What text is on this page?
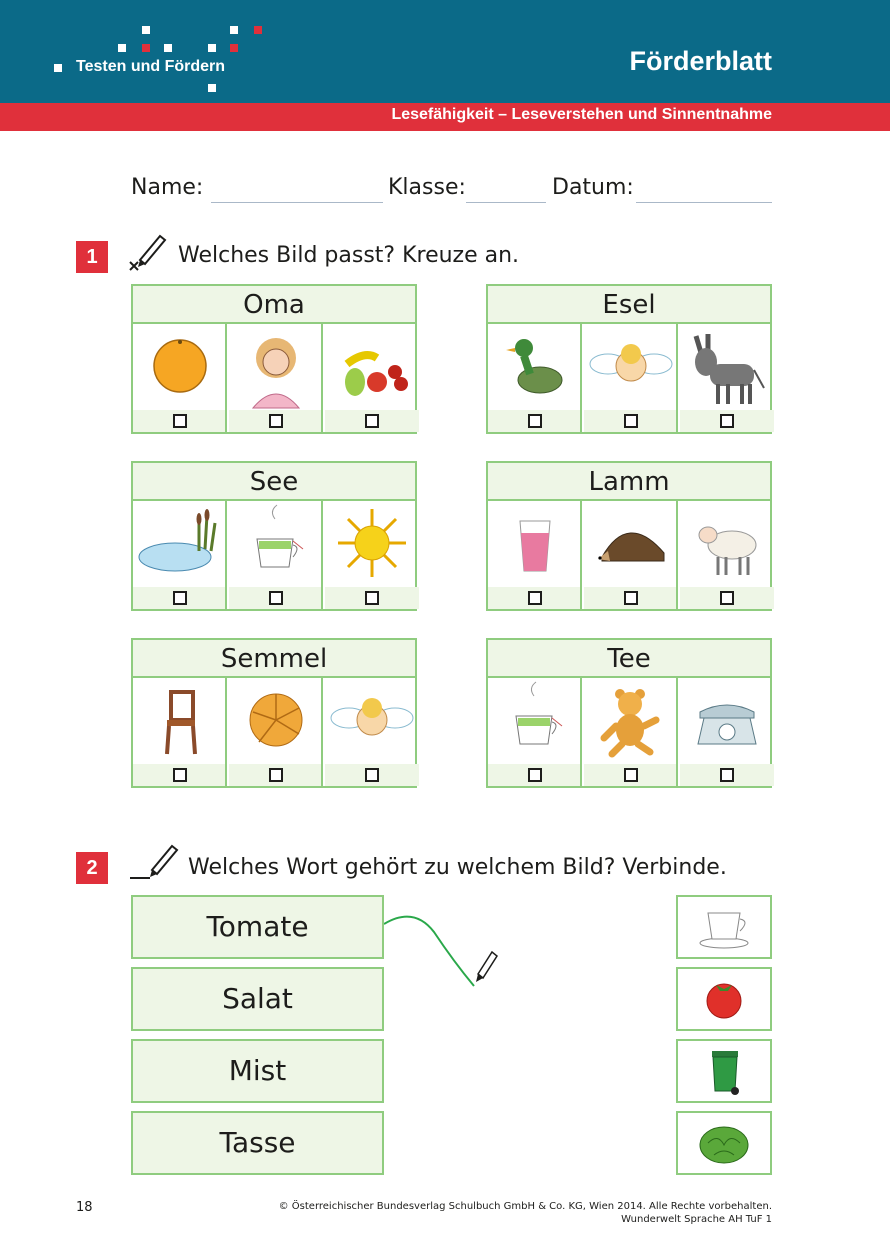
Testen und Fördern	Förderblatt
Lesefähigkeit – Leseverstehen und Sinnentnahme
Name:	Klasse:	Datum:
1	Welches Bild passt? Kreuze an.
Oma	Esel
See	Lamm
Semmel	Tee
2	Welches Wort gehört zu welchem Bild? Verbinde.
Tomate
Salat
Mist
Tasse
18	© Österreichischer Bundesverlag Schulbuch GmbH & Co. KG, Wien 2014. Alle Rechte vorbehalten.
Wunderwelt Sprache AH TuF 1
